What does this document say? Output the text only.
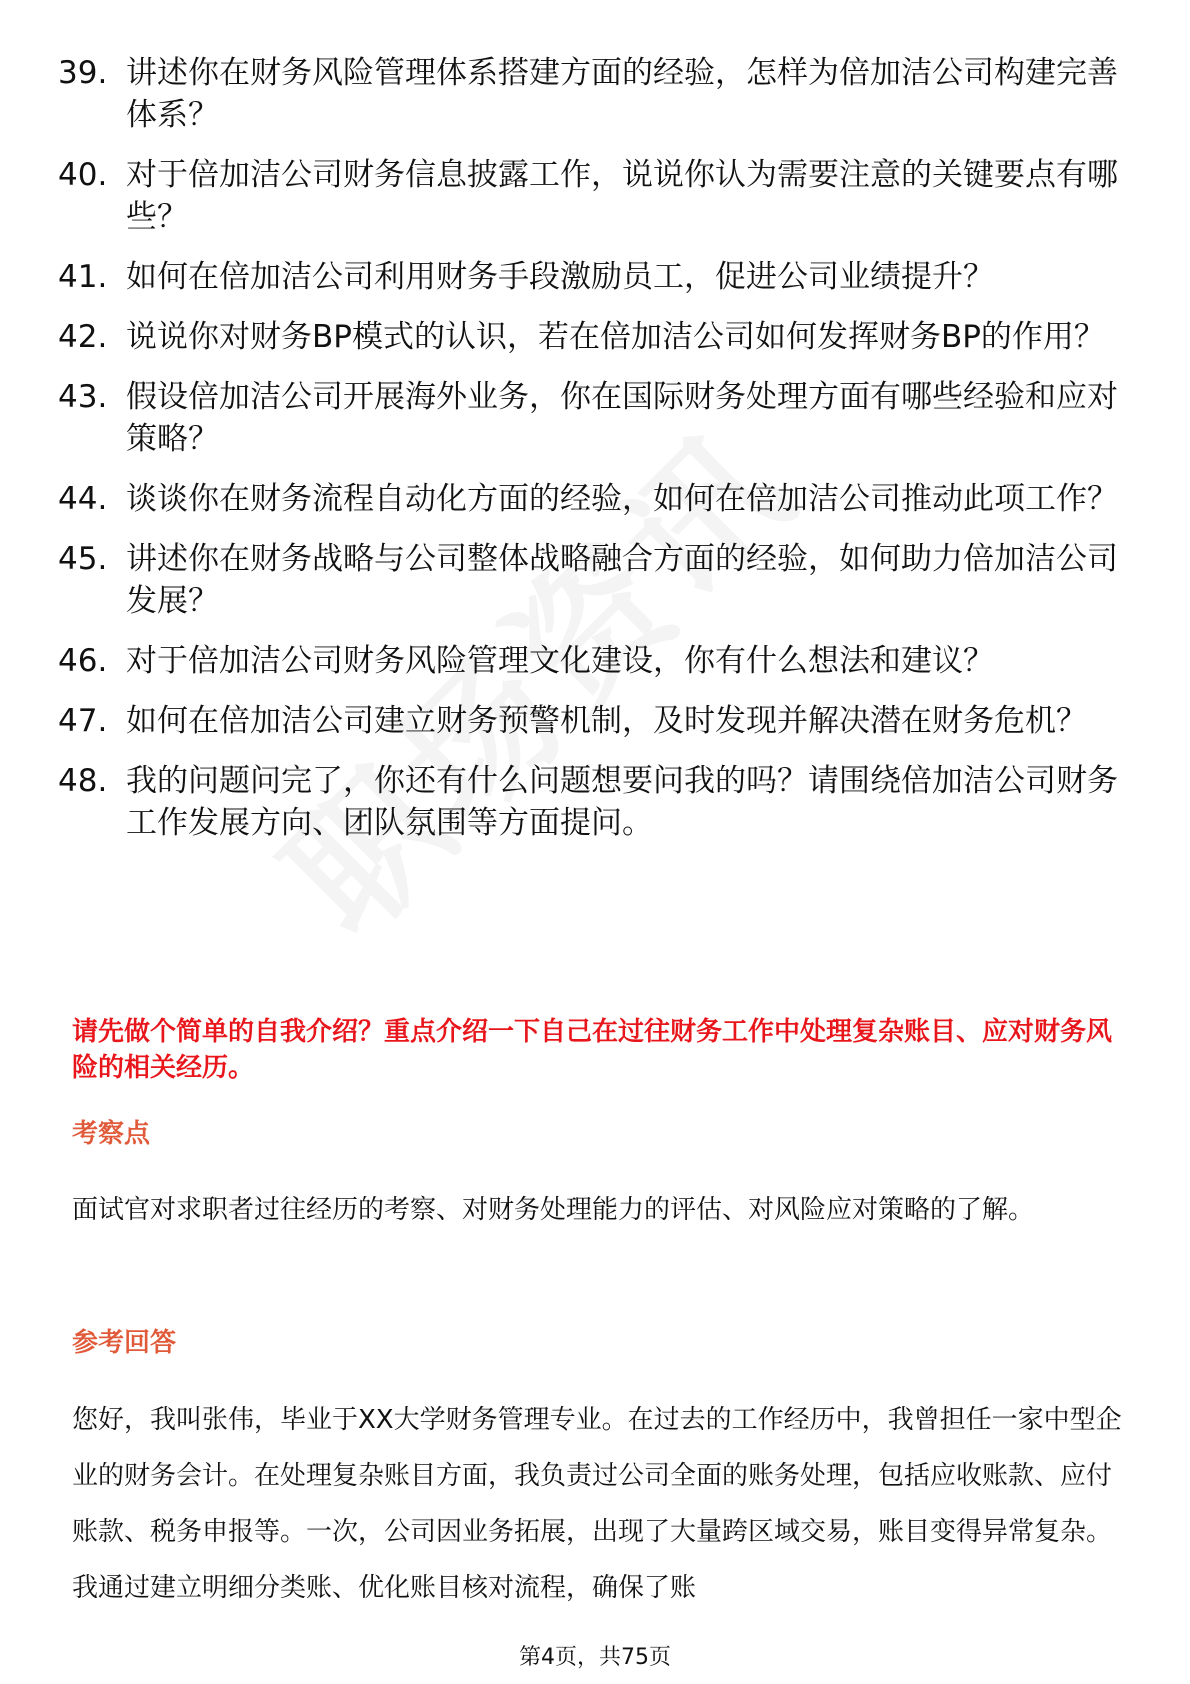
39. 讲述你在财务风险管理体系搭建方面的经验，怎样为倍加洁公司构建完善体系？
40. 对于倍加洁公司财务信息披露工作，说说你认为需要注意的关键要点有哪些？
41. 如何在倍加洁公司利用财务手段激励员工，促进公司业绩提升？
42. 说说你对财务BP模式的认识，若在倍加洁公司如何发挥财务BP的作用？
43. 假设倍加洁公司开展海外业务，你在国际财务处理方面有哪些经验和应对策略？
44. 谈谈你在财务流程自动化方面的经验，如何在倍加洁公司推动此项工作？
45. 讲述你在财务战略与公司整体战略融合方面的经验，如何助力倍加洁公司发展？
46. 对于倍加洁公司财务风险管理文化建设，你有什么想法和建议？
47. 如何在倍加洁公司建立财务预警机制，及时发现并解决潜在财务危机？
48. 我的问题问完了，你还有什么问题想要问我的吗？请围绕倍加洁公司财务工作发展方向、团队氛围等方面提问。
请先做个简单的自我介绍？重点介绍一下自己在过往财务工作中处理复杂账目、应对财务风险的相关经历。
考察点
面试官对求职者过往经历的考察、对财务处理能力的评估、对风险应对策略的了解。
参考回答
您好，我叫张伟，毕业于XX大学财务管理专业。在过去的工作经历中，我曾担任一家中型企业的财务会计。在处理复杂账目方面，我负责过公司全面的账务处理，包括应收账款、应付账款、税务申报等。一次，公司因业务拓展，出现了大量跨区域交易，账目变得异常复杂。我通过建立明细分类账、优化账目核对流程，确保了账
第4页，共75页
